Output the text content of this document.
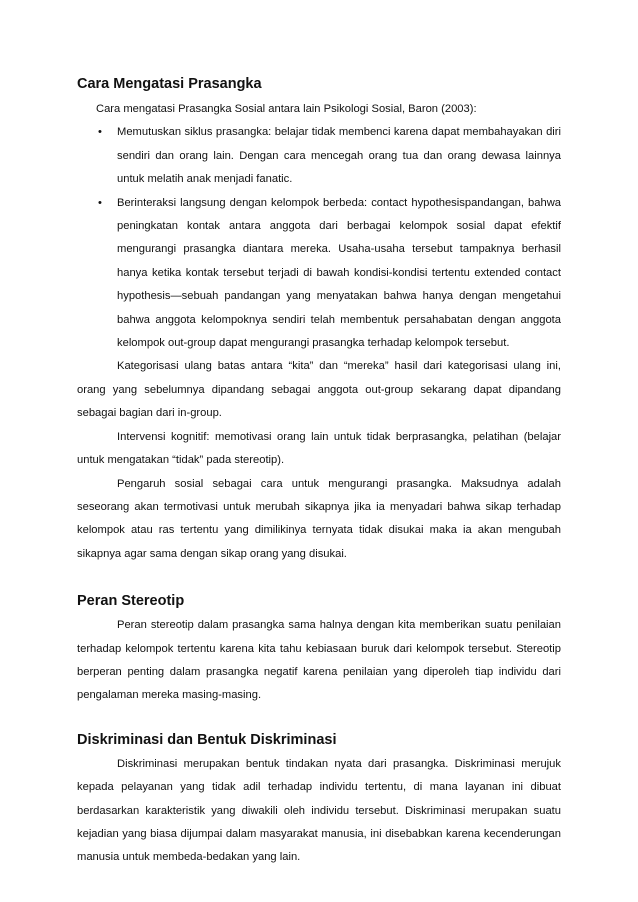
Cara Mengatasi Prasangka

Cara mengatasi Prasangka Sosial antara lain Psikologi Sosial, Baron (2003):

• Memutuskan siklus prasangka: belajar tidak membenci karena dapat membahayakan diri sendiri dan orang lain. Dengan cara mencegah orang tua dan orang dewasa lainnya untuk melatih anak menjadi fanatic.
• Berinteraksi langsung dengan kelompok berbeda: contact hypothesispandangan, bahwa peningkatan kontak antara anggota dari berbagai kelompok sosial dapat efektif mengurangi prasangka diantara mereka. Usaha-usaha tersebut tampaknya berhasil hanya ketika kontak tersebut terjadi di bawah kondisi-kondisi tertentu extended contact hypothesis—sebuah pandangan yang menyatakan bahwa hanya dengan mengetahui bahwa anggota kelompoknya sendiri telah membentuk persahabatan dengan anggota kelompok out-group dapat mengurangi prasangka terhadap kelompok tersebut.

Kategorisasi ulang batas antara “kita” dan “mereka” hasil dari kategorisasi ulang ini, orang yang sebelumnya dipandang sebagai anggota out-group sekarang dapat dipandang sebagai bagian dari in-group.

Intervensi kognitif: memotivasi orang lain untuk tidak berprasangka, pelatihan (belajar untuk mengatakan “tidak” pada stereotip).

Pengaruh sosial sebagai cara untuk mengurangi prasangka. Maksudnya adalah seseorang akan termotivasi untuk merubah sikapnya jika ia menyadari bahwa sikap terhadap kelompok atau ras tertentu yang dimilikinya ternyata tidak disukai maka ia akan mengubah sikapnya agar sama dengan sikap orang yang disukai.

Peran Stereotip

Peran stereotip dalam prasangka sama halnya dengan kita memberikan suatu penilaian terhadap kelompok tertentu karena kita tahu kebiasaan buruk dari kelompok tersebut. Stereotip berperan penting dalam prasangka negatif karena penilaian yang diperoleh tiap individu dari pengalaman mereka masing-masing.

Diskriminasi dan Bentuk Diskriminasi

Diskriminasi merupakan bentuk tindakan nyata dari prasangka. Diskriminasi merujuk kepada pelayanan yang tidak adil terhadap individu tertentu, di mana layanan ini dibuat berdasarkan karakteristik yang diwakili oleh individu tersebut. Diskriminasi merupakan suatu kejadian yang biasa dijumpai dalam masyarakat manusia, ini disebabkan karena kecenderungan manusia untuk membeda-bedakan yang lain.
